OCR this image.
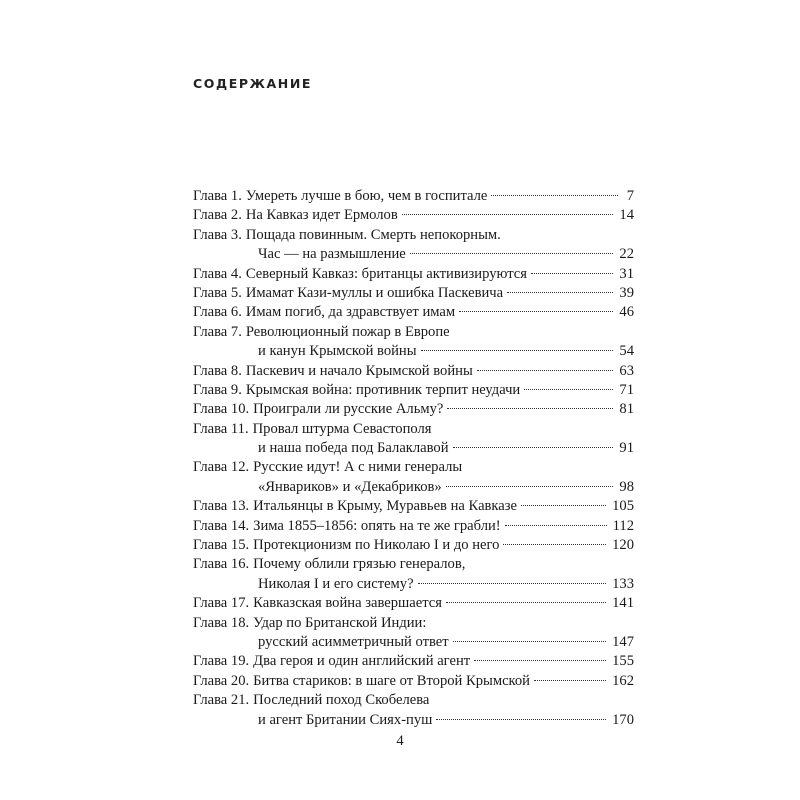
СОДЕРЖАНИЕ
Глава 1. Умереть лучше в бою, чем в госпитале	7
Глава 2. На Кавказ идет Ермолов	14
Глава 3. Пощада повинным. Смерть непокорным.
Час — на размышление	22
Глава 4. Северный Кавказ: британцы активизируются	31
Глава 5. Имамат Кази-муллы и ошибка Паскевича	39
Глава 6. Имам погиб, да здравствует имам	46
Глава 7. Революционный пожар в Европе
и канун Крымской войны	54
Глава 8. Паскевич и начало Крымской войны	63
Глава 9. Крымская война: противник терпит неудачи	71
Глава 10. Проиграли ли русские Альму?	81
Глава 11. Провал штурма Севастополя
и наша победа под Балаклавой	91
Глава 12. Русские идут! А с ними генералы
«Январиков» и «Декабриков»	98
Глава 13. Итальянцы в Крыму, Муравьев на Кавказе	105
Глава 14. Зима 1855–1856: опять на те же грабли!	112
Глава 15. Протекционизм по Николаю I и до него	120
Глава 16. Почему облили грязью генералов,
Николая I и его систему?	133
Глава 17. Кавказская война завершается	141
Глава 18. Удар по Британской Индии:
русский асимметричный ответ	147
Глава 19. Два героя и один английский агент	155
Глава 20. Битва стариков: в шаге от Второй Крымской	162
Глава 21. Последний поход Скобелева
и агент Британии Сиях-пуш	170
4
